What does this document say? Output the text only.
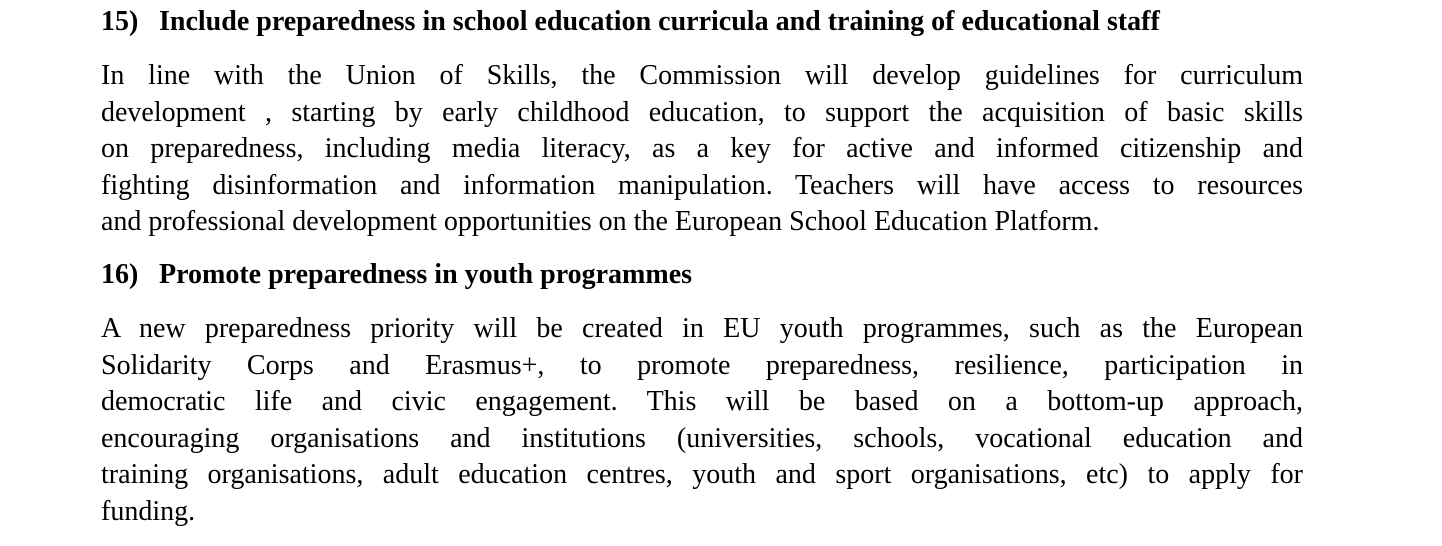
15) Include preparedness in school education curricula and training of educational staff
In line with the Union of Skills, the Commission will develop guidelines for curriculum
development , starting by early childhood education, to support the acquisition of basic skills
on preparedness, including media literacy, as a key for active and informed citizenship and
fighting disinformation and information manipulation. Teachers will have access to resources
and professional development opportunities on the European School Education Platform.
16) Promote preparedness in youth programmes
A new preparedness priority will be created in EU youth programmes, such as the European
Solidarity Corps and Erasmus+, to promote preparedness, resilience, participation in
democratic life and civic engagement. This will be based on a bottom-up approach,
encouraging organisations and institutions (universities, schools, vocational education and
training organisations, adult education centres, youth and sport organisations, etc) to apply for
funding.
